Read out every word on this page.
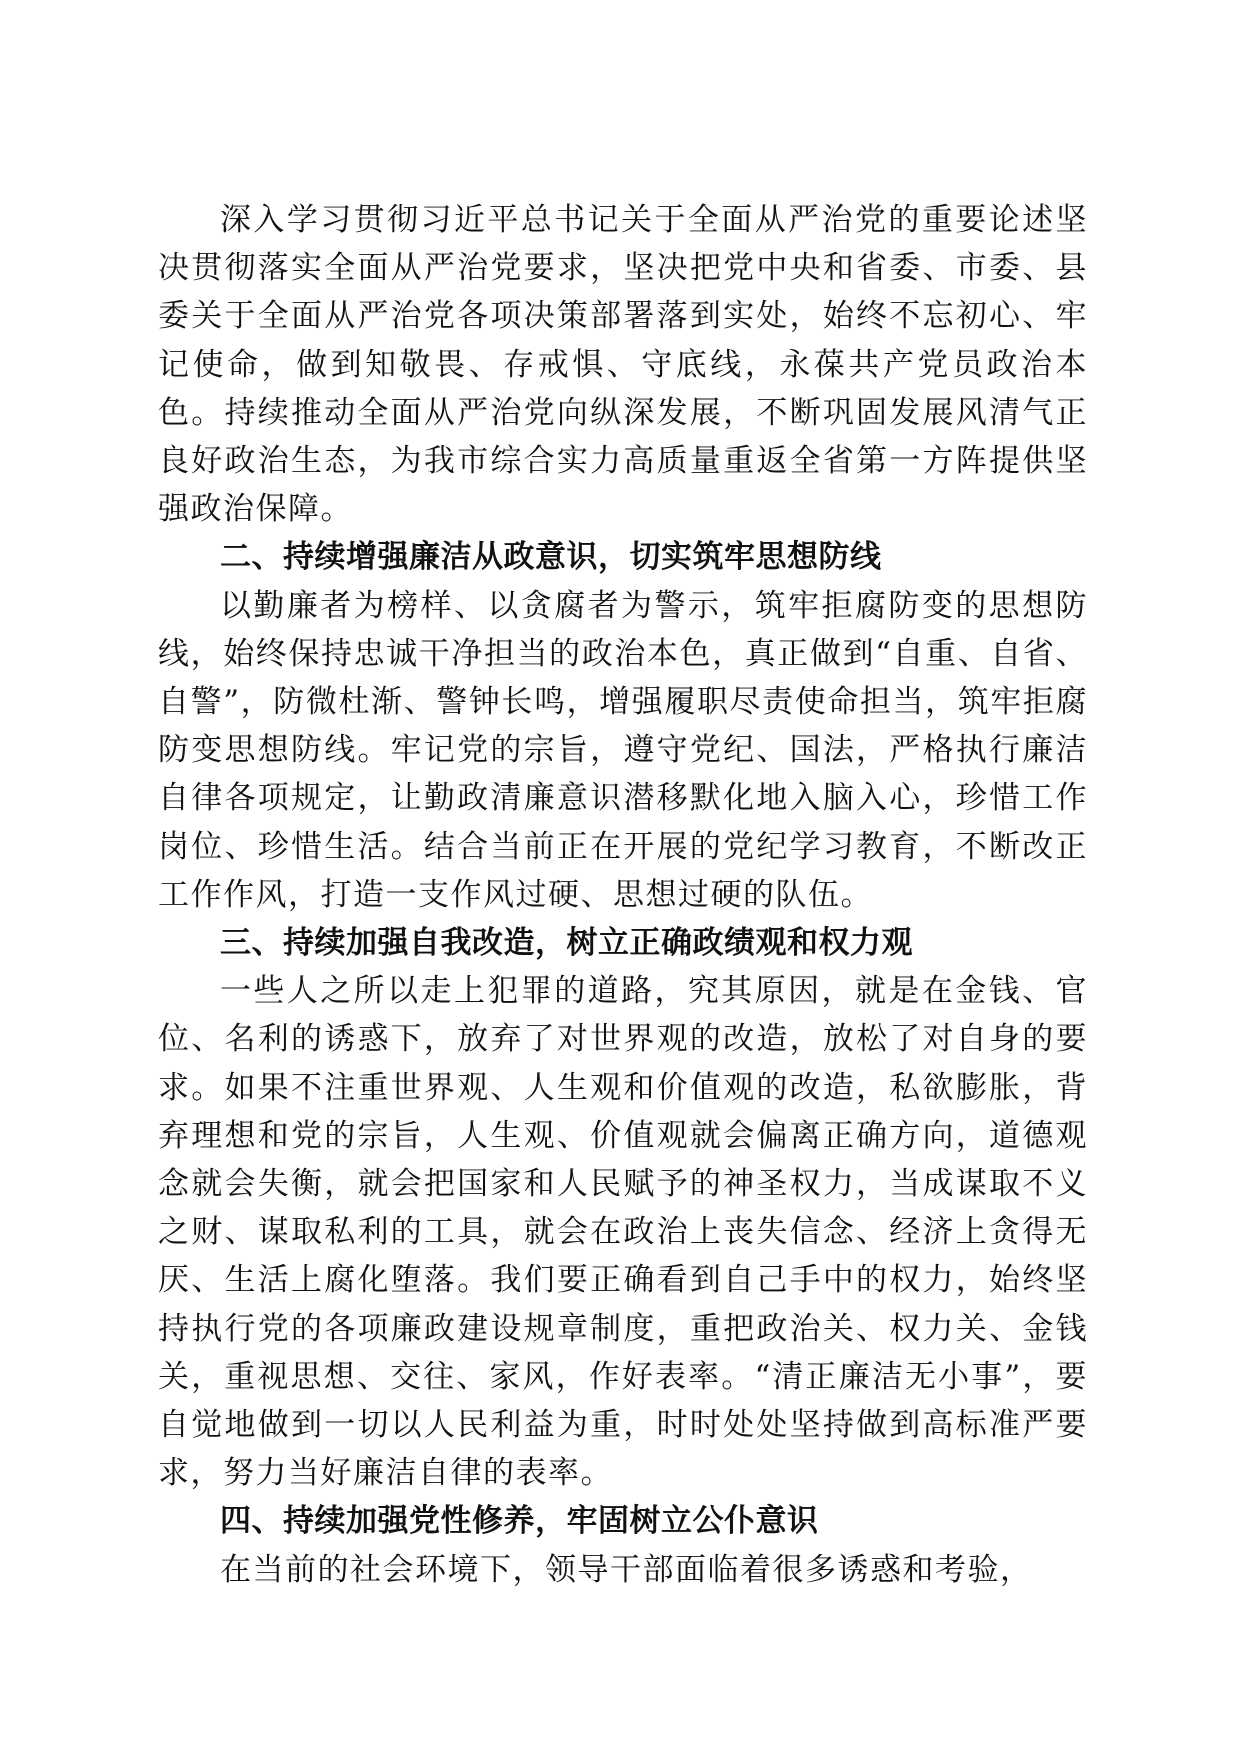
深入学习贯彻习近平总书记关于全面从严治党的重要论述坚决贯彻落实全面从严治党要求，坚决把党中央和省委、市委、县委关于全面从严治党各项决策部署落到实处，始终不忘初心、牢记使命，做到知敬畏、存戒惧、守底线，永葆共产党员政治本色。持续推动全面从严治党向纵深发展，不断巩固发展风清气正良好政治生态，为我市综合实力高质量重返全省第一方阵提供坚强政治保障。

二、持续增强廉洁从政意识，切实筑牢思想防线

以勤廉者为榜样、以贪腐者为警示，筑牢拒腐防变的思想防线，始终保持忠诚干净担当的政治本色，真正做到“自重、自省、自警”，防微杜渐、警钟长鸣，增强履职尽责使命担当，筑牢拒腐防变思想防线。牢记党的宗旨，遵守党纪、国法，严格执行廉洁自律各项规定，让勤政清廉意识潜移默化地入脑入心，珍惜工作岗位、珍惜生活。结合当前正在开展的党纪学习教育，不断改正工作作风，打造一支作风过硬、思想过硬的队伍。

三、持续加强自我改造，树立正确政绩观和权力观

一些人之所以走上犯罪的道路，究其原因，就是在金钱、官位、名利的诱惑下，放弃了对世界观的改造，放松了对自身的要求。如果不注重世界观、人生观和价值观的改造，私欲膨胀，背弃理想和党的宗旨，人生观、价值观就会偏离正确方向，道德观念就会失衡，就会把国家和人民赋予的神圣权力，当成谋取不义之财、谋取私利的工具，就会在政治上丧失信念、经济上贪得无厌、生活上腐化堕落。我们要正确看到自己手中的权力，始终坚持执行党的各项廉政建设规章制度，重把政治关、权力关、金钱关，重视思想、交往、家风，作好表率。“清正廉洁无小事”，要自觉地做到一切以人民利益为重，时时处处坚持做到高标准严要求，努力当好廉洁自律的表率。

四、持续加强党性修养，牢固树立公仆意识

在当前的社会环境下，领导干部面临着很多诱惑和考验，
